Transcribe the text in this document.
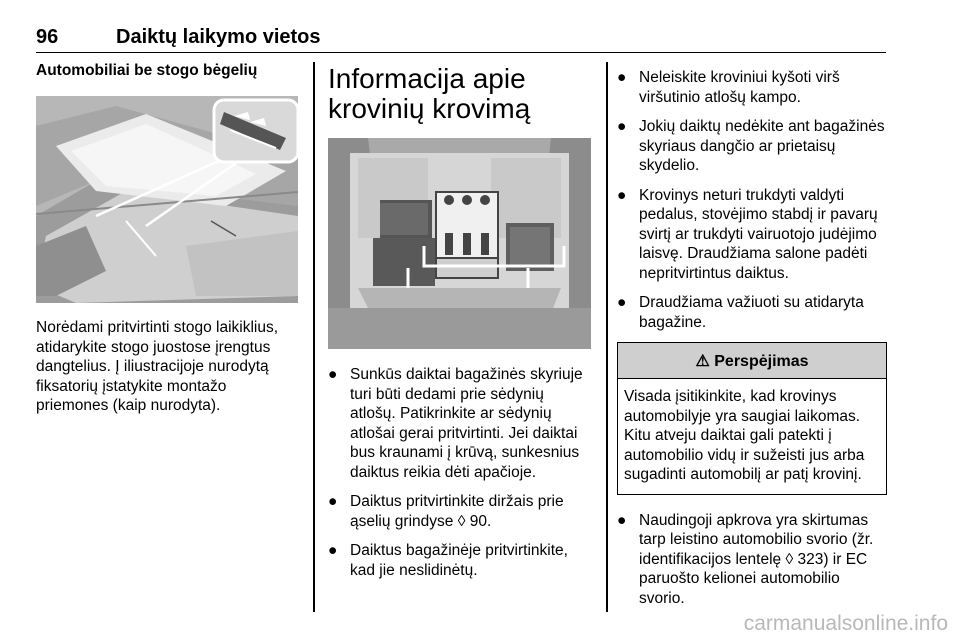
96	Daiktų laikymo vietos
Automobiliai be stogo bėgelių
Norėdami pritvirtinti stogo laikiklius, atidarykite stogo juostose įrengtus dangtelius. Į iliustracijoje nurodytą fiksatorių įstatykite montažo priemones (kaip nurodyta).
Informacija apie
krovinių krovimą
● Sunkūs daiktai bagažinės skyriuje turi būti dedami prie sėdynių atlošų. Patikrinkite ar sėdynių atlošai gerai pritvirtinti. Jei daiktai bus kraunami į krūvą, sunkesnius daiktus reikia dėti apačioje.
● Daiktus pritvirtinkite diržais prie ąselių grindyse ◊ 90.
● Daiktus bagažinėje pritvirtinkite, kad jie neslidinėtų.
● Neleiskite kroviniui kyšoti virš viršutinio atlošų kampo.
● Jokių daiktų nedėkite ant bagažinės skyriaus dangčio ar prietaisų skydelio.
● Krovinys neturi trukdyti valdyti pedalus, stovėjimo stabdį ir pavarų svirtį ar trukdyti vairuotojo judėjimo laisvę. Draudžiama salone padėti nepritvirtintus daiktus.
● Draudžiama važiuoti su atidaryta bagažine.
⚠ Perspėjimas
Visada įsitikinkite, kad krovinys automobilyje yra saugiai laikomas. Kitu atveju daiktai gali patekti į automobilio vidų ir sužeisti jus arba sugadinti automobilį ar patį krovinį.
● Naudingoji apkrova yra skirtumas tarp leistino automobilio svorio (žr. identifikacijos lentelę ◊ 323) ir EC paruošto kelionei automobilio svorio.
carmanualsonline.info
